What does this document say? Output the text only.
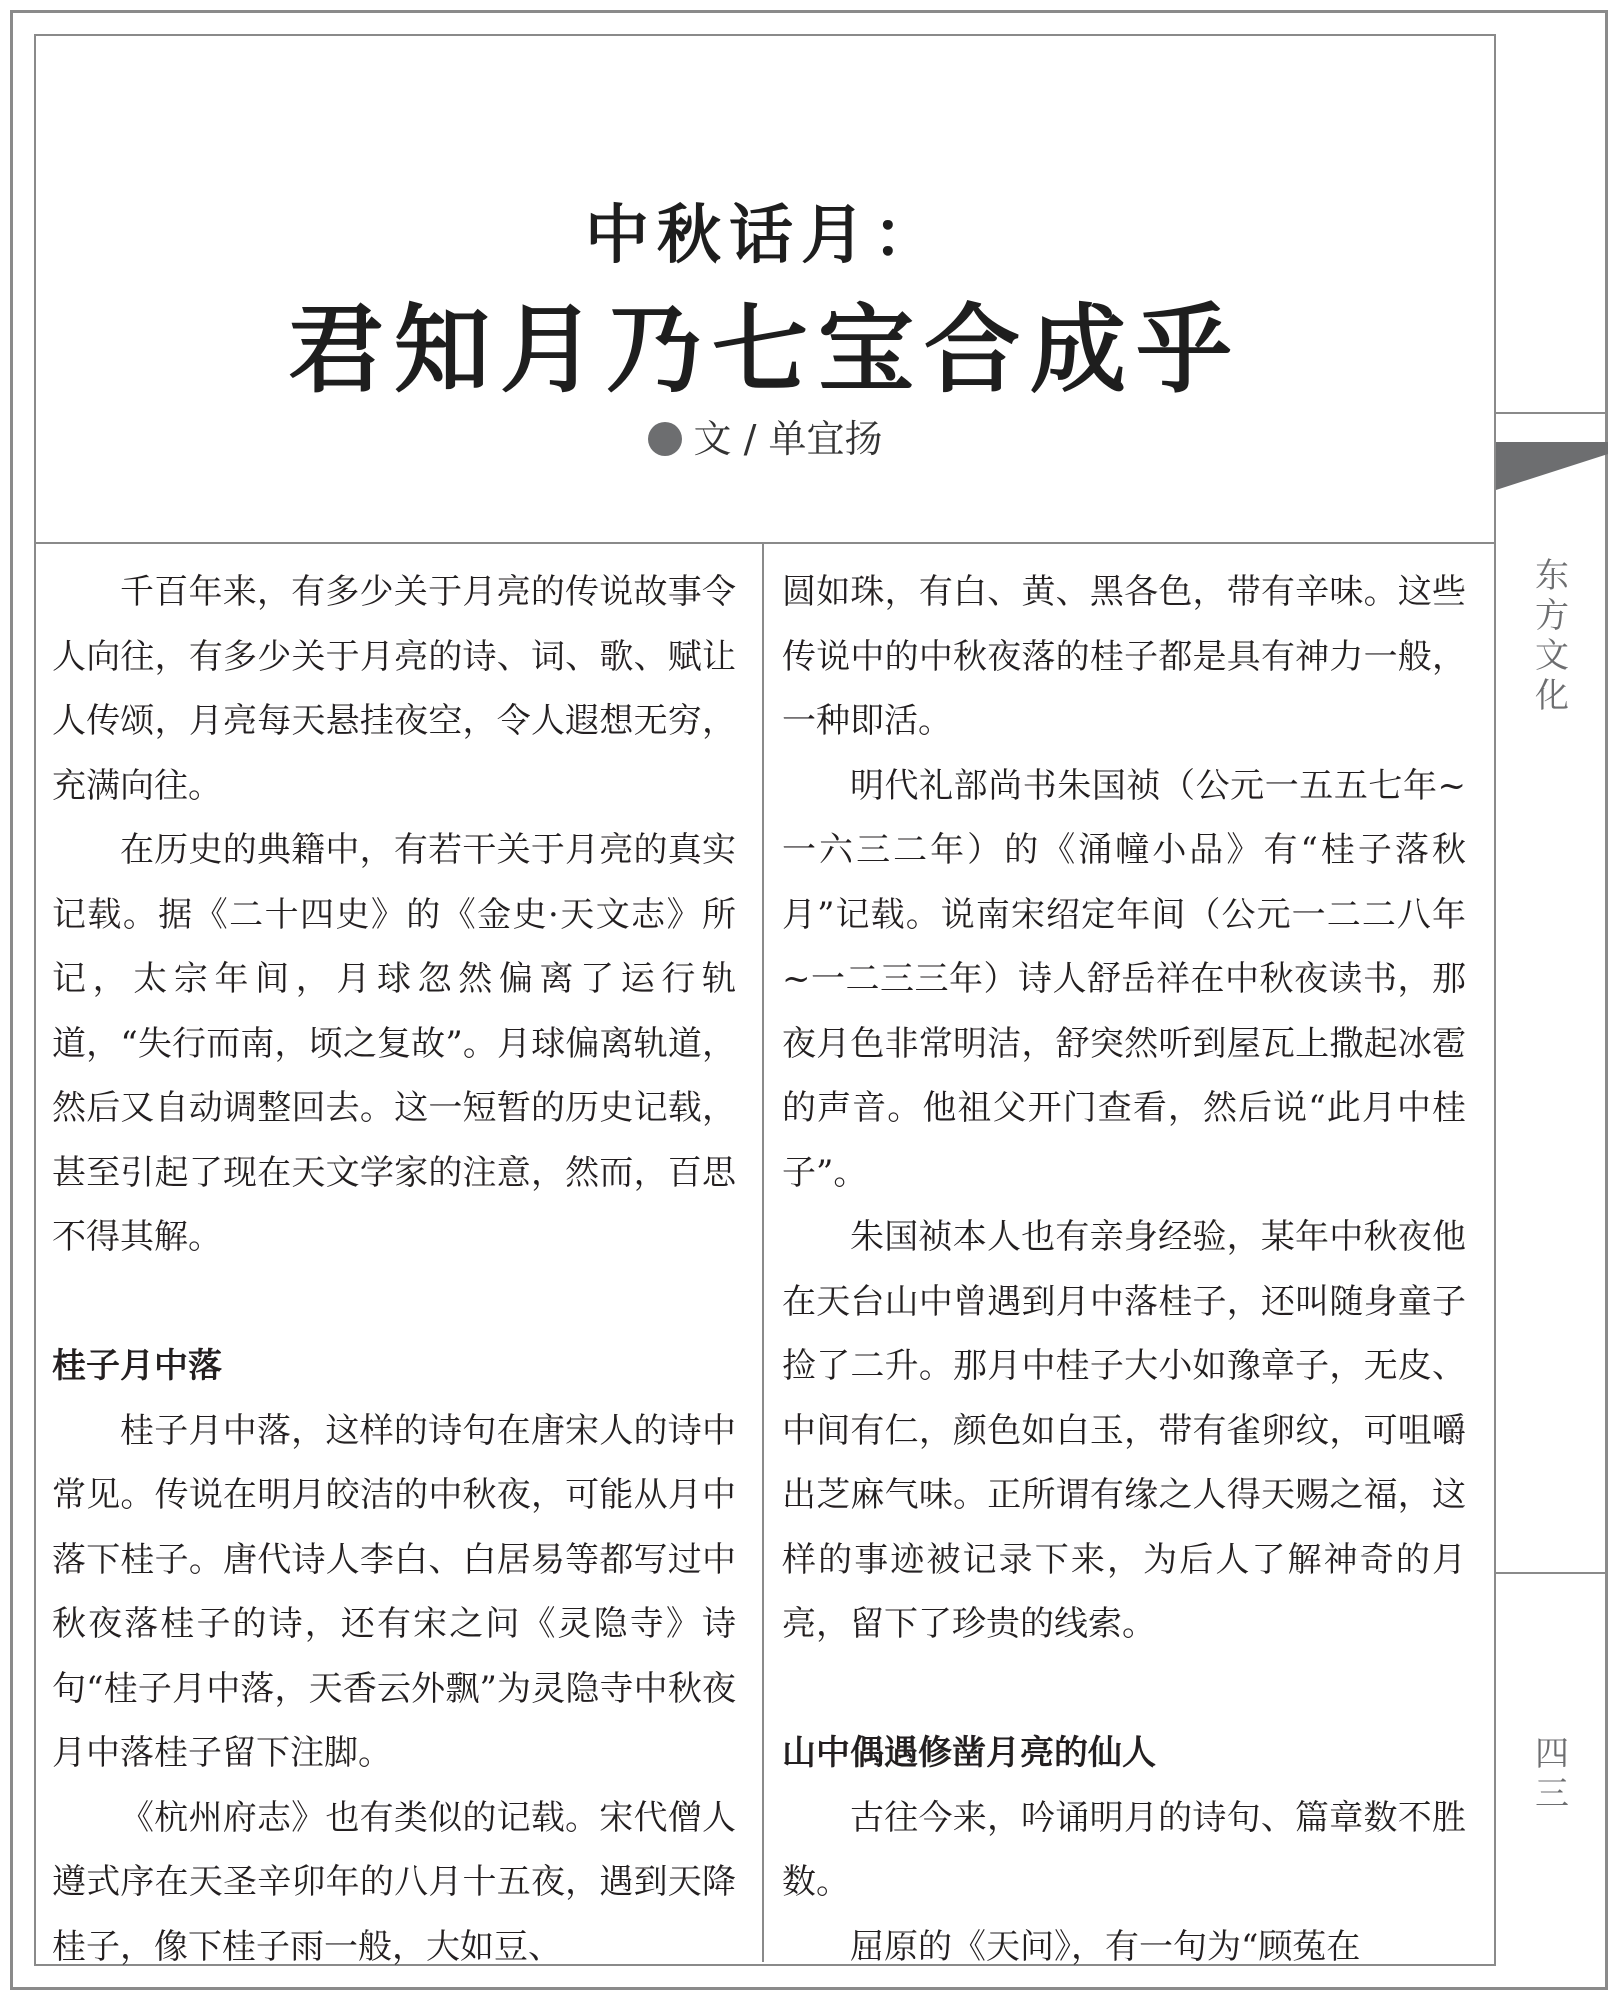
中秋话月：
君知月乃七宝合成乎
文 / 单宜扬

千百年来，有多少关于月亮的传说故事令人向往，有多少关于月亮的诗、词、歌、赋让人传颂，月亮每天悬挂夜空，令人遐想无穷，充满向往。

在历史的典籍中，有若干关于月亮的真实记载。据《二十四史》的《金史·天文志》所记，太宗年间，月球忽然偏离了运行轨道，“失行而南，顷之复故”。月球偏离轨道，然后又自动调整回去。这一短暂的历史记载，甚至引起了现在天文学家的注意，然而，百思不得其解。

桂子月中落

桂子月中落，这样的诗句在唐宋人的诗中常见。传说在明月皎洁的中秋夜，可能从月中落下桂子。唐代诗人李白、白居易等都写过中秋夜落桂子的诗，还有宋之问《灵隐寺》诗句“桂子月中落，天香云外飘”为灵隐寺中秋夜月中落桂子留下注脚。

《杭州府志》也有类似的记载。宋代僧人遵式序在天圣辛卯年的八月十五夜，遇到天降桂子，像下桂子雨一般，大如豆、

圆如珠，有白、黄、黑各色，带有辛味。这些传说中的中秋夜落的桂子都是具有神力一般，一种即活。

明代礼部尚书朱国祯（公元一五五七年~一六三二年）的《涌幢小品》有“桂子落秋月”记载。说南宋绍定年间（公元一二二八年~一二三三年）诗人舒岳祥在中秋夜读书，那夜月色非常明洁，舒突然听到屋瓦上撒起冰雹的声音。他祖父开门查看，然后说“此月中桂子”。

朱国祯本人也有亲身经验，某年中秋夜他在天台山中曾遇到月中落桂子，还叫随身童子捡了二升。那月中桂子大小如豫章子，无皮、中间有仁，颜色如白玉，带有雀卵纹，可咀嚼出芝麻气味。正所谓有缘之人得天赐之福，这样的事迹被记录下来，为后人了解神奇的月亮，留下了珍贵的线索。

山中偶遇修凿月亮的仙人

古往今来，吟诵明月的诗句、篇章数不胜数。

屈原的《天问》，有一句为“顾菟在

东
方
文
化
四
三
